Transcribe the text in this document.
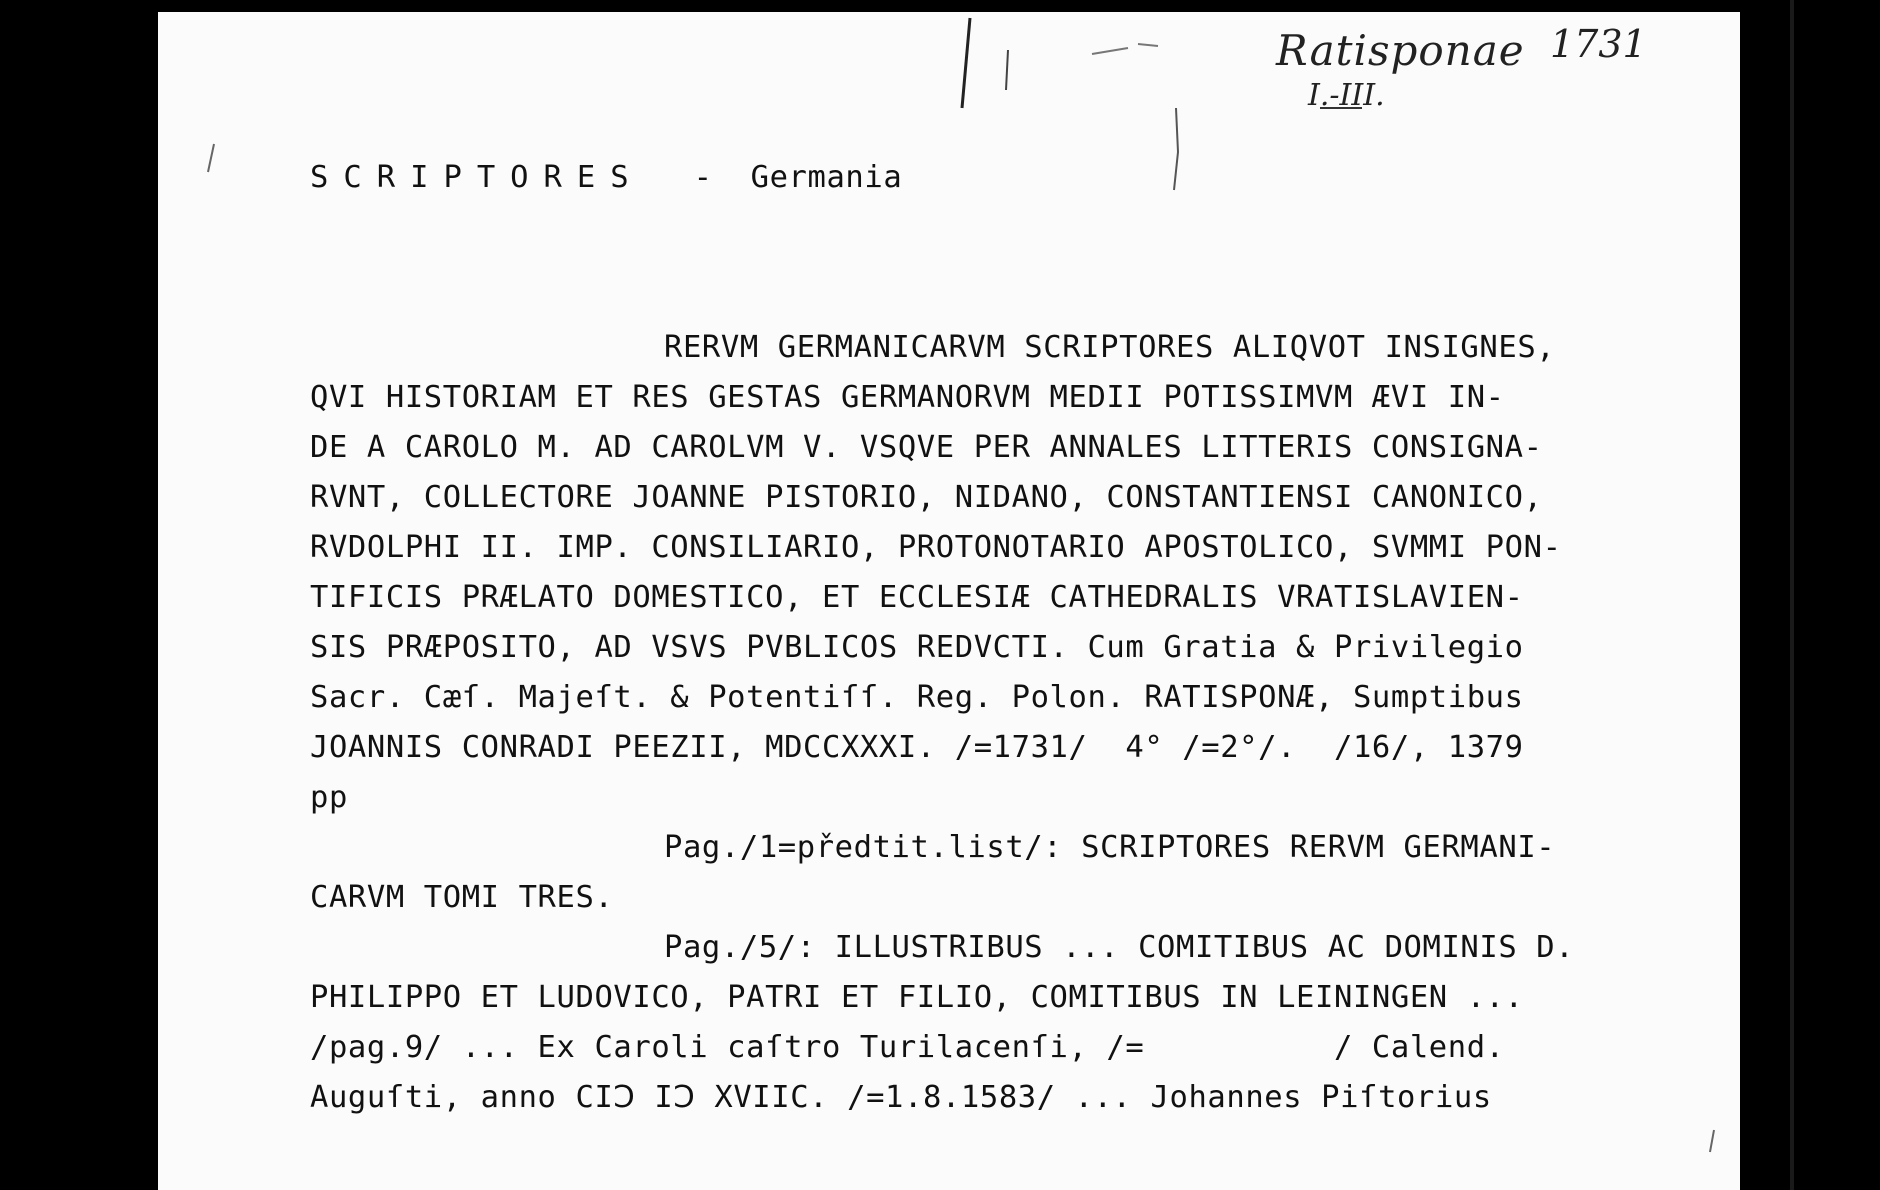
Ratisponae 1731
I.-III.
SCRIPTORES - Germania
RERVM GERMANICARVM SCRIPTORES ALIQVOT INSIGNES,
QVI HISTORIAM ET RES GESTAS GERMANORVM MEDII POTISSIMVM ÆVI IN-
DE A CAROLO M. AD CAROLVM V. VSQVE PER ANNALES LITTERIS CONSIGNA-
RVNT, COLLECTORE JOANNE PISTORIO, NIDANO, CONSTANTIENSI CANONICO,
RVDOLPHI II. IMP. CONSILIARIO, PROTONOTARIO APOSTOLICO, SVMMI PON-
TIFICIS PRÆLATO DOMESTICO, ET ECCLESIÆ CATHEDRALIS VRATISLAVIEN-
SIS PRÆPOSITO, AD VSVS PVBLICOS REDVCTI. Cum Gratia & Privilegio
Sacr. Cæſ. Majeſt. & Potentiſſ. Reg. Polon. RATISPONÆ, Sumptibus
JOANNIS CONRADI PEEZII, MDCCXXXI. /=1731/  4° /=2°/.  /16/, 1379
pp
Pag./1=předtit.list/: SCRIPTORES RERVM GERMANI-
CARVM TOMI TRES.
Pag./5/: ILLUSTRIBUS ... COMITIBUS AC DOMINIS D.
PHILIPPO ET LUDOVICO, PATRI ET FILIO, COMITIBUS IN LEININGEN ...
/pag.9/ ... Ex Caroli caſtro Turilacenſi, /=          / Calend.
Auguſti, anno CIↃ IↃ XVIIC. /=1.8.1583/ ... Johannes Piſtorius
